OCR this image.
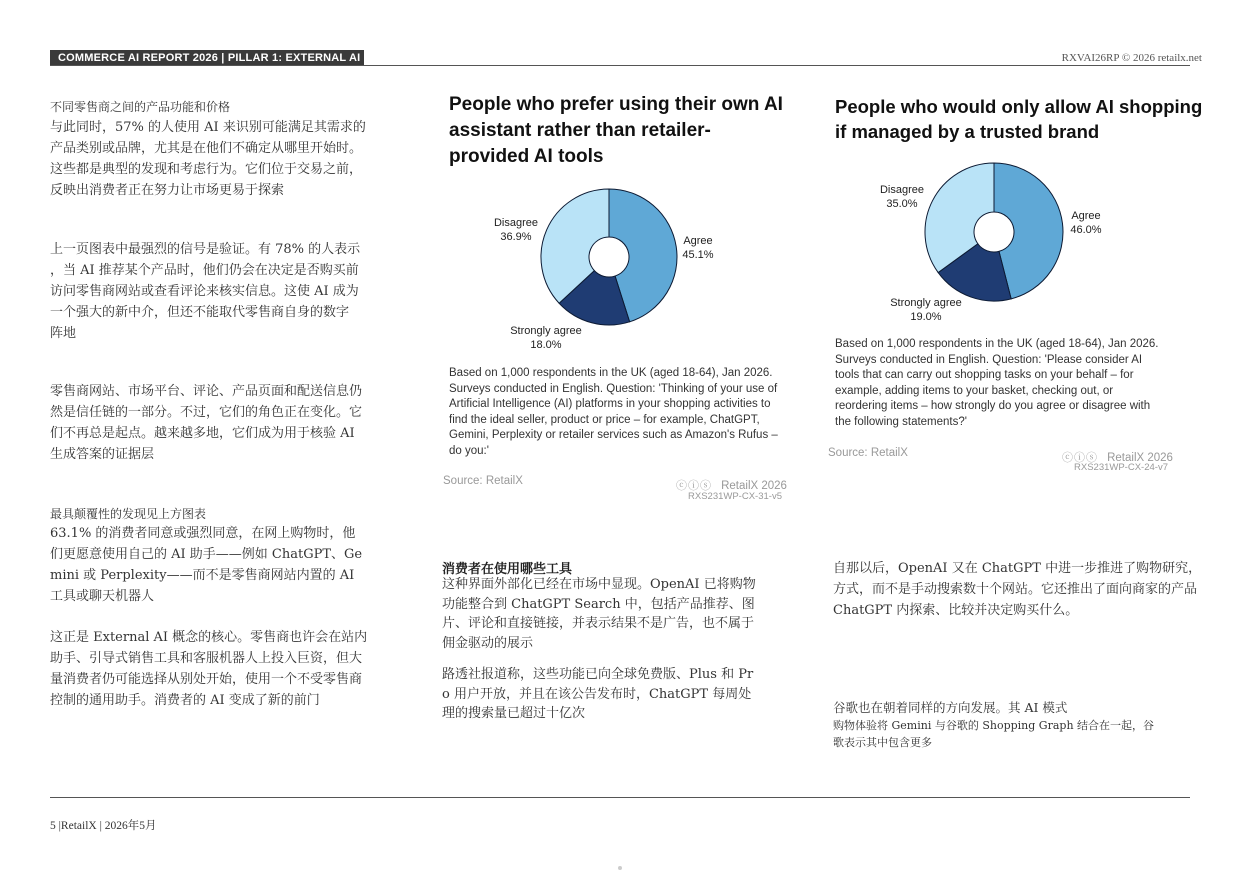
COMMERCE AI REPORT 2026 | PILLAR 1: EXTERNAL AI	RXVAI26RP © 2026 retailx.net
不同零售商之间的产品功能和价格
与此同时，57% 的人使用 AI 来识别可能满足其需求的
产品类别或品牌，尤其是在他们不确定从哪里开始时。
这些都是典型的发现和考虑行为。它们位于交易之前，
反映出消费者正在努力让市场更易于探索
上一页图表中最强烈的信号是验证。有 78% 的人表示
，当 AI 推荐某个产品时，他们仍会在决定是否购买前
访问零售商网站或查看评论来核实信息。这使 AI 成为
一个强大的新中介，但还不能取代零售商自身的数字
阵地
零售商网站、市场平台、评论、产品页面和配送信息仍
然是信任链的一部分。不过，它们的角色正在变化。它
们不再总是起点。越来越多地，它们成为用于核验 AI
生成答案的证据层
最具颠覆性的发现见上方图表
63.1% 的消费者同意或强烈同意，在网上购物时，他
们更愿意使用自己的 AI 助手——例如 ChatGPT、Ge
mini 或 Perplexity——而不是零售商网站内置的 AI
工具或聊天机器人
这正是 External AI 概念的核心。零售商也许会在站内
助手、引导式销售工具和客服机器人上投入巨资，但大
量消费者仍可能选择从别处开始，使用一个不受零售商
控制的通用助手。消费者的 AI 变成了新的前门
People who prefer using their own AI
assistant rather than retailer-
provided AI tools
Agree
45.1%
Strongly agree
18.0%
Disagree
36.9%
Based on 1,000 respondents in the UK (aged 18-64), Jan 2026.
Surveys conducted in English. Question: 'Thinking of your use of
Artificial Intelligence (AI) platforms in your shopping activities to
find the ideal seller, product or price – for example, ChatGPT,
Gemini, Perplexity or retailer services such as Amazon's Rufus –
do you:'
Source: RetailX	ⓒⓘⓢ RetailX 2026
RXS231WP-CX-31-v5
People who would only allow AI shopping
if managed by a trusted brand
Agree
46.0%
Strongly agree
19.0%
Disagree
35.0%
Based on 1,000 respondents in the UK (aged 18-64), Jan 2026.
Surveys conducted in English. Question: 'Please consider AI
tools that can carry out shopping tasks on your behalf – for
example, adding items to your basket, checking out, or
reordering items – how strongly do you agree or disagree with
the following statements?'
Source: RetailX	ⓒⓘⓢ RetailX 2026
RXS231WP-CX-24-v7
消费者在使用哪些工具
这种界面外部化已经在市场中显现。OpenAI 已将购物
功能整合到 ChatGPT Search 中，包括产品推荐、图
片、评论和直接链接，并表示结果不是广告，也不属于
佣金驱动的展示
路透社报道称，这些功能已向全球免费版、Plus 和 Pr
o 用户开放，并且在该公告发布时，ChatGPT 每周处
理的搜索量已超过十亿次
自那以后，OpenAI 又在 ChatGPT 中进一步推进了购物研究，
方式，而不是手动搜索数十个网站。它还推出了面向商家的产品
ChatGPT 内探索、比较并决定购买什么。
谷歌也在朝着同样的方向发展。其 AI 模式
购物体验将 Gemini 与谷歌的 Shopping Graph 结合在一起，谷
歌表示其中包含更多
5 |RetailX | 2026年5月
